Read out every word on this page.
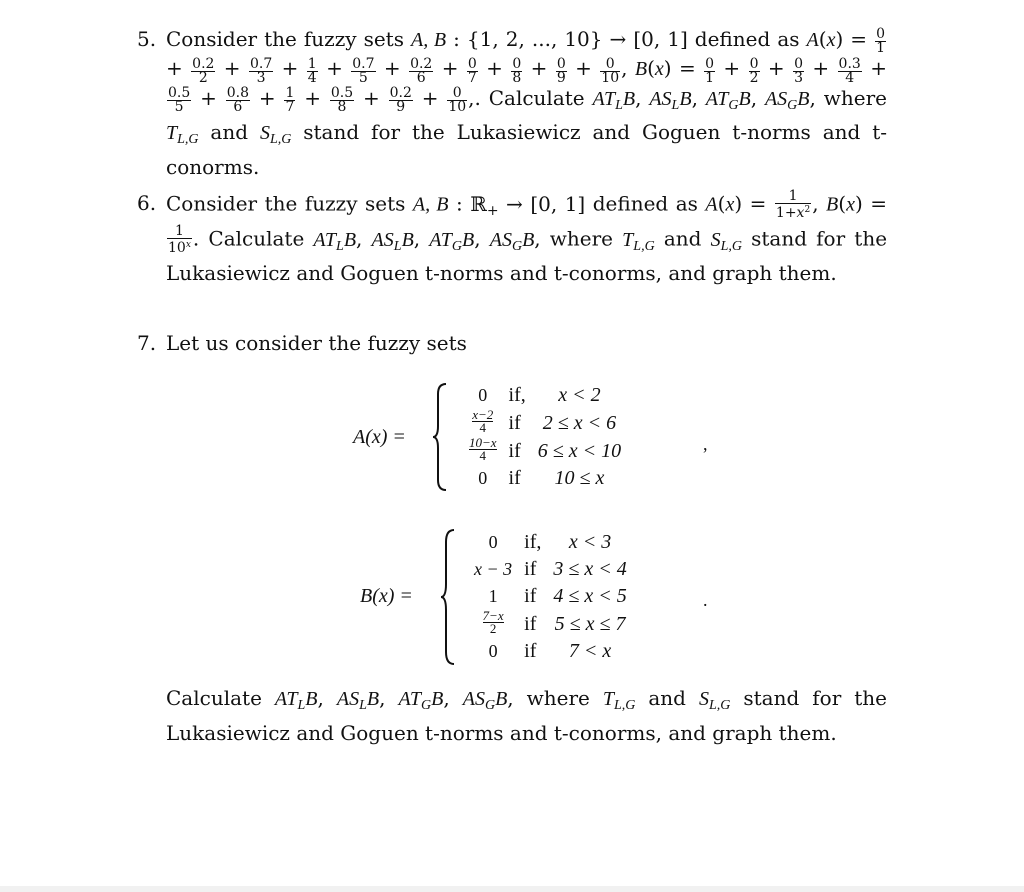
5. Consider the fuzzy sets A, B : {1, 2, ..., 10} → [0, 1] defined as $A(x) = \frac{0}{1}$
+ $\frac{0.2}{2} + \frac{0.7}{3} + \frac{1}{4} + \frac{0.7}{5} + \frac{0.2}{6} + \frac{0}{7} + \frac{0}{8} + \frac{0}{9} + \frac{0}{10}$ , $B(x) = \frac{0}{1} + \frac{0}{2} + \frac{0}{3} + \frac{0.3}{4}$ +
$\frac{0.5}{5} + \frac{0.8}{6} + \frac{1}{7} + \frac{0.5}{8} + \frac{0.2}{9} + \frac{0}{10}$ ,. Calculate $AT_LB$, $AS_LB$, $AT_GB$, $AS_GB$, where $T_{L,G}$ and $S_{L,G}$ stand for the Lukasiewicz and Goguen t-norms and t-conorms.
6. Consider the fuzzy sets A, B : ℝ$_+$ → [0, 1] defined as $A(x) = \frac{1}{1+x^2}$ , B(x) =
$\frac{1}{10^x}$ . Calculate $AT_LB$, $AS_LB$, $AT_GB$, $AS_GB$, where $T_{L,G}$ and $S_{L,G}$ stand for the Lukasiewicz and Goguen t-norms and t-conorms, and graph them.
7. Let us consider the fuzzy sets
A(x) =
0	if,	x < 2

$\frac{x-2}{4}$	if	2 ≤ x < 6

$\frac{10-x}{4}$	if	6 ≤ x < 10
0	if	10 ≤ x
,
B(x) =
0	if,	x < 3
x − 3	if	3 ≤ x < 4
1	if	4 ≤ x < 5

$\frac{7-x}{2}$	if	5 ≤ x ≤ 7
0	if	7 < x
.
Calculate $AT_LB$, $AS_LB$, $AT_GB$, $AS_GB$, where $T_{L,G}$ and $S_{L,G}$ stand for the Lukasiewicz and Goguen t-norms and t-conorms, and graph them.
